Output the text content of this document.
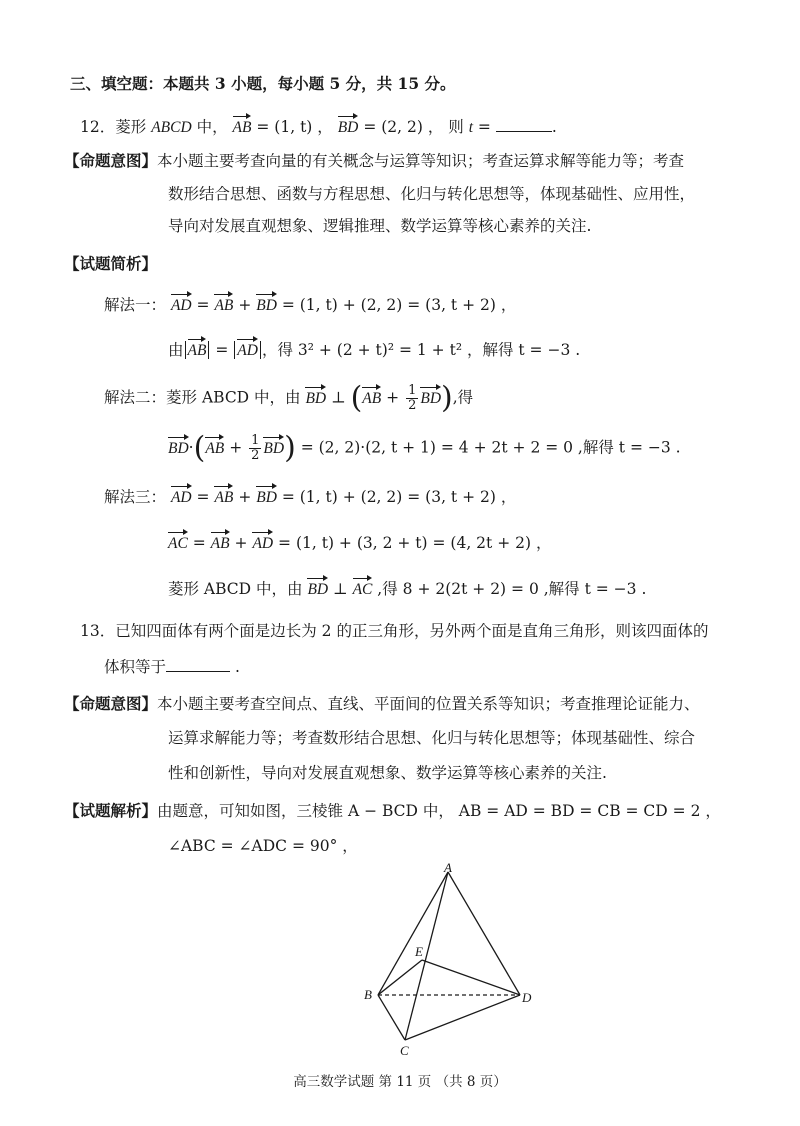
三、填空题：本题共 3 小题，每小题 5 分，共 15 分。
12．菱形 ABCD 中， AB = (1, t) ， BD = (2, 2) ， 则 t =	.
【命题意图】本小题主要考查向量的有关概念与运算等知识；考查运算求解等能力等；考查
数形结合思想、函数与方程思想、化归与转化思想等，体现基础性、应用性，
导向对发展直观想象、逻辑推理、数学运算等核心素养的关注.
【试题简析】
解法一： AD = AB + BD = (1, t) + (2, 2) = (3, t + 2) ，
由 AB = AD ，得 3² + (2 + t)² = 1 + t² ，解得 t = −3 .
解法二：菱形 ABCD 中，由 BD ⊥ $(AB + \frac{1}{2} BD)$,得
$BD\cdot(AB + \frac{1}{2} BD) = (2$, 2)·(2, t + 1) = 4 + 2t + 2 = 0 ,解得 t = −3 .
解法三： AD = AB + BD = (1, t) + (2, 2) = (3, t + 2) ，
AC = AB + AD = (1, t) + (3, 2 + t) = (4, 2t + 2) ，
菱形 ABCD 中，由 BD ⊥ AC ,得 8 + 2(2t + 2) = 0 ,解得 t = −3 .
13．已知四面体有两个面是边长为 2 的正三角形，另外两个面是直角三角形，则该四面体的
体积等于	.
【命题意图】本小题主要考查空间点、直线、平面间的位置关系等知识；考查推理论证能力、
运算求解能力等；考查数形结合思想、化归与转化思想等；体现基础性、综合
性和创新性，导向对发展直观想象、数学运算等核心素养的关注.
【试题解析】由题意，可知如图，三棱锥 A − BCD 中， AB = AD = BD = CB = CD = 2 ，
∠ABC = ∠ADC = 90° ，
A
B
C
D
E
高三数学试题 第 11 页 （共 8 页）
